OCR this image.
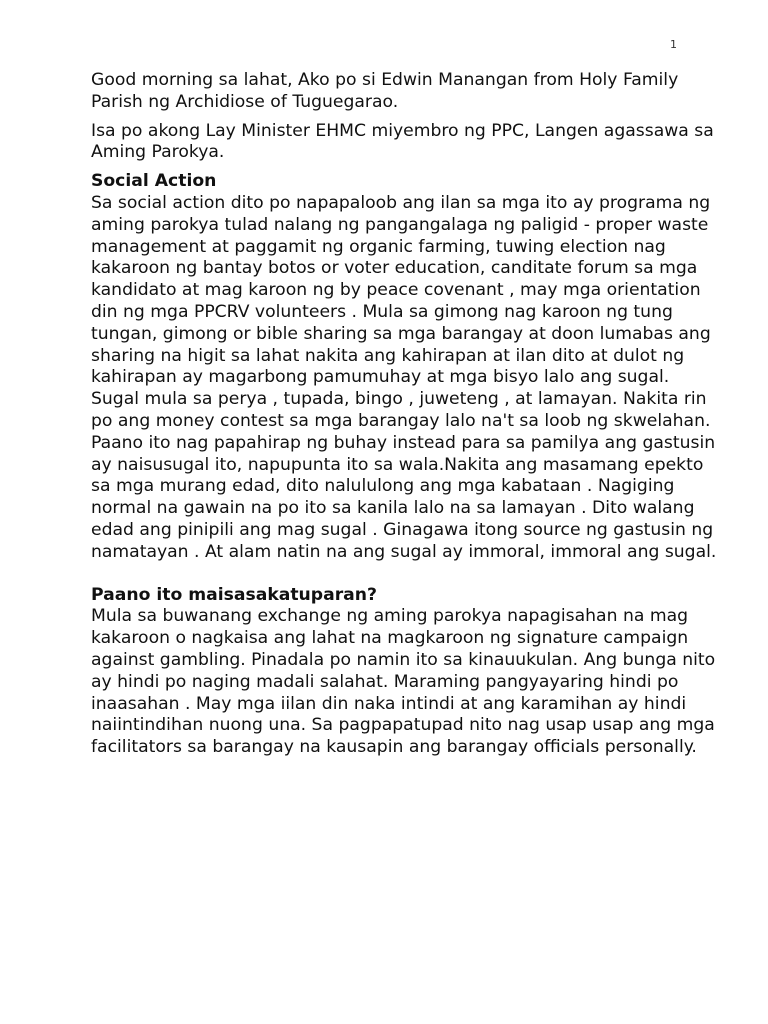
1

Good morning sa lahat, Ako po si Edwin Manangan from Holy Family Parish ng Archidiose of Tuguegarao.

Isa po akong Lay Minister EHMC miyembro ng PPC, Langen agassawa sa Aming Parokya.

Social Action

Sa social action dito po napapaloob ang ilan sa mga ito ay programa ng aming parokya tulad nalang ng pangangalaga ng paligid - proper waste management at paggamit ng organic farming, tuwing election nag kakaroon ng bantay botos or voter education, canditate forum sa mga kandidato at mag karoon ng by peace covenant , may mga orientation din ng mga PPCRV volunteers . Mula sa gimong nag karoon ng tung tungan, gimong or bible sharing sa mga barangay at doon lumabas ang sharing na higit sa lahat nakita ang kahirapan at ilan dito at dulot ng kahirapan ay magarbong pamumuhay at mga bisyo lalo ang sugal. Sugal mula sa perya , tupada, bingo , juweteng , at lamayan. Nakita rin po ang money contest sa mga barangay lalo na't sa loob ng skwelahan. Paano ito nag papahirap ng buhay instead para sa pamilya ang gastusin ay naisusugal ito, napupunta ito sa wala.Nakita ang masamang epekto sa mga murang edad, dito nalululong ang mga kabataan . Nagiging normal na gawain na po ito sa kanila lalo na sa lamayan . Dito walang edad ang pinipili ang mag sugal . Ginagawa itong source ng gastusin ng namatayan . At alam natin na ang sugal ay immoral, immoral ang sugal.

Paano ito maisasakatuparan?

Mula sa buwanang exchange ng aming parokya napagisahan na mag kakaroon o nagkaisa ang lahat na magkaroon ng signature campaign against gambling. Pinadala po namin ito sa kinauukulan. Ang bunga nito ay hindi po naging madali salahat. Maraming pangyayaring hindi po inaasahan . May mga iilan din naka intindi at ang karamihan ay hindi naiintindihan nuong una. Sa pagpapatupad nito nag usap usap ang mga facilitators sa barangay na kausapin ang barangay officials personally.
